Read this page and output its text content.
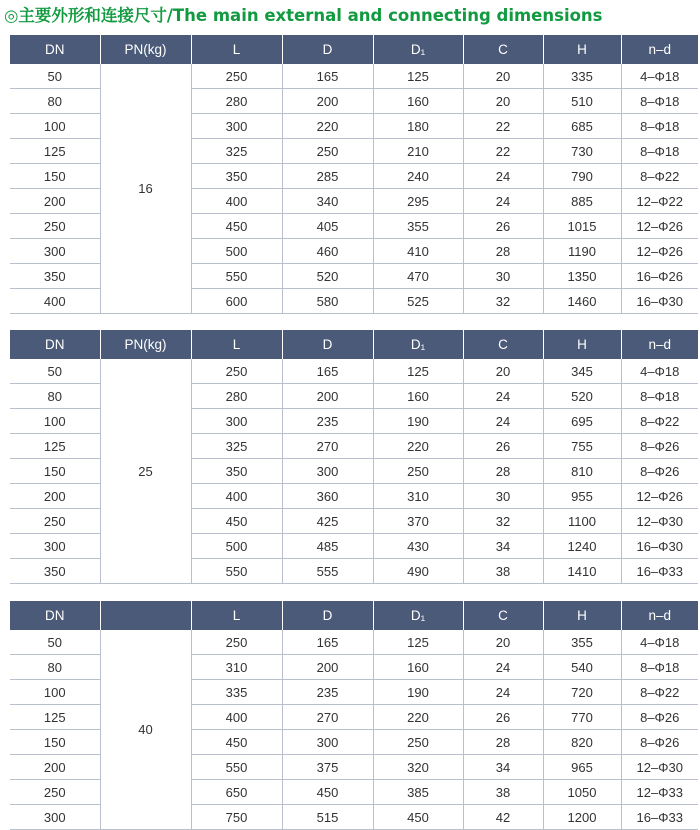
◎主要外形和连接尺寸/The main external and connecting dimensions
DN	PN(kg)	L	D	D₁	C	H	n–d
50	16	250	165	125	20	335	4–Φ18
80		280	200	160	20	510	8–Φ18
100		300	220	180	22	685	8–Φ18
125		325	250	210	22	730	8–Φ18
150		350	285	240	24	790	8–Φ22
200		400	340	295	24	885	12–Φ22
250		450	405	355	26	1015	12–Φ26
300		500	460	410	28	1190	12–Φ26
350		550	520	470	30	1350	16–Φ26
400		600	580	525	32	1460	16–Φ30
DN	PN(kg)	L	D	D₁	C	H	n–d
50	25	250	165	125	20	345	4–Φ18
80		280	200	160	24	520	8–Φ18
100		300	235	190	24	695	8–Φ22
125		325	270	220	26	755	8–Φ26
150		350	300	250	28	810	8–Φ26
200		400	360	310	30	955	12–Φ26
250		450	425	370	32	1100	12–Φ30
300		500	485	430	34	1240	16–Φ30
350		550	555	490	38	1410	16–Φ33
DN		L	D	D₁	C	H	n–d
50	40	250	165	125	20	355	4–Φ18
80		310	200	160	24	540	8–Φ18
100		335	235	190	24	720	8–Φ22
125		400	270	220	26	770	8–Φ26
150		450	300	250	28	820	8–Φ26
200		550	375	320	34	965	12–Φ30
250		650	450	385	38	1050	12–Φ33
300		750	515	450	42	1200	16–Φ33
